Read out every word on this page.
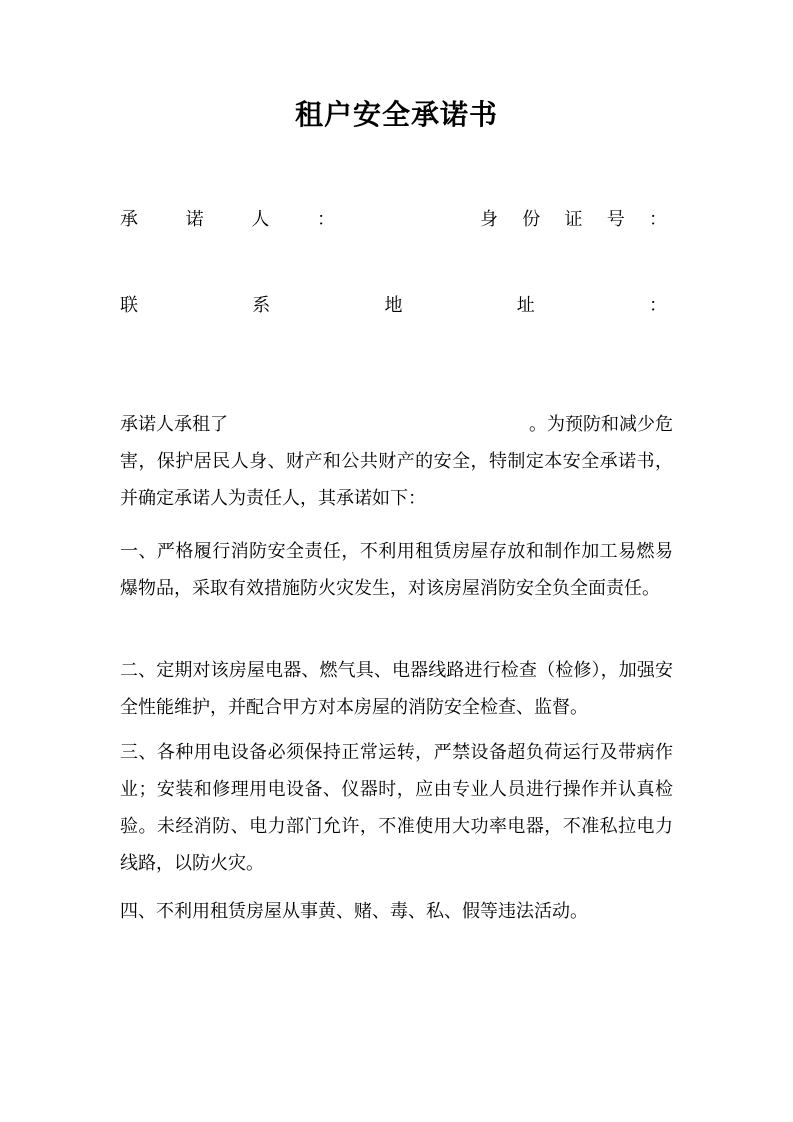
租户安全承诺书
承	诺	人	：	身 份 证 号 ：
联	系	地	址	：
承诺人承租了	。为预防和减少危
害，保护居民人身、财产和公共财产的安全，特制定本安全承诺书，并确定承诺人为责任人，其承诺如下：
一、严格履行消防安全责任，不利用租赁房屋存放和制作加工易燃易爆物品，采取有效措施防火灾发生，对该房屋消防安全负全面责任。
二、定期对该房屋电器、燃气具、电器线路进行检查（检修），加强安全性能维护，并配合甲方对本房屋的消防安全检查、监督。
三、各种用电设备必须保持正常运转，严禁设备超负荷运行及带病作业；安装和修理用电设备、仪器时，应由专业人员进行操作并认真检验。未经消防、电力部门允许，不准使用大功率电器，不准私拉电力线路，以防火灾。
四、不利用租赁房屋从事黄、赌、毒、私、假等违法活动。
